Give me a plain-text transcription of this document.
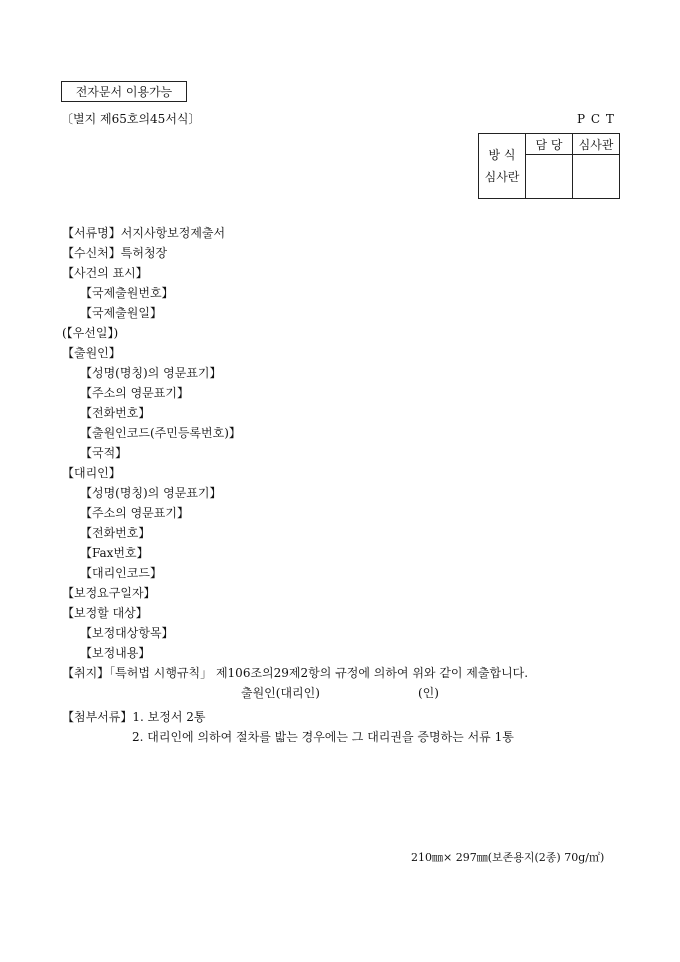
전자문서 이용가능
〔별지 제65호의45서식〕	P C T
방 식
심사란	담 당	심사관

【서류명】서지사항보정제출서
【수신처】특허청장
【사건의 표시】
【국제출원번호】
【국제출원일】
(【우선일】)
【출원인】
【성명(명칭)의 영문표기】
【주소의 영문표기】
【전화번호】
【출원인코드(주민등록번호)】
【국적】
【대리인】
【성명(명칭)의 영문표기】
【주소의 영문표기】
【전화번호】
【Fax번호】
【대리인코드】
【보정요구일자】
【보정할 대상】
【보정대상항목】
【보정내용】
【취지】「특허법 시행규칙」 제106조의29제2항의 규정에 의하여 위와 같이 제출합니다.
출원인(대리인)	(인)
【첨부서류】1. 보정서 2통
2. 대리인에 의하여 절차를 밟는 경우에는 그 대리권을 증명하는 서류 1통
210㎜× 297㎜(보존용지(2종) 70g/㎡)
